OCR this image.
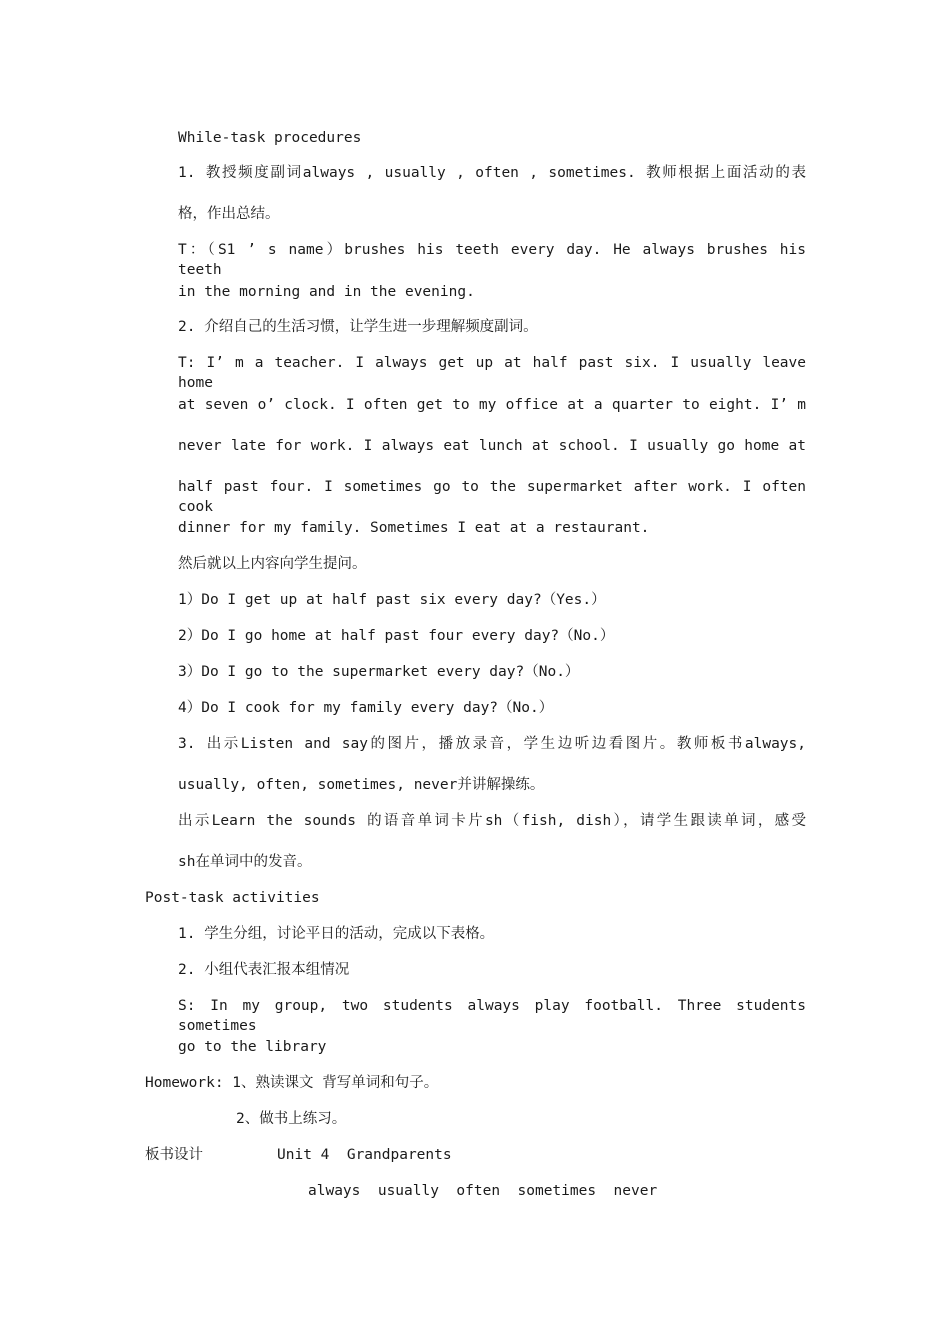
While-task procedures
1. 教授频度副词always , usually , often , sometimes. 教师根据上面活动的表
格，作出总结。
T：（S1 ’ s name）brushes his teeth every day. He always brushes his teeth
in the morning and in the evening.
2. 介绍自己的生活习惯，让学生进一步理解频度副词。
T: I’ m a teacher. I always get up at half past six. I usually leave home
at seven o’ clock. I often get to my office at a quarter to eight. I’ m
never late for work. I always eat lunch at school. I usually go home at
half past four. I sometimes go to the supermarket after work. I often cook
dinner for my family. Sometimes I eat at a restaurant.
然后就以上内容向学生提问。
1）Do I get up at half past six every day?（Yes.）
2）Do I go home at half past four every day?（No.）
3）Do I go to the supermarket every day?（No.）
4）Do I cook for my family every day?（No.）
3. 出示Listen and say的图片，播放录音，学生边听边看图片。教师板书always,
usually, often, sometimes, never并讲解操练。
出示Learn the sounds 的语音单词卡片sh（fish, dish），请学生跟读单词，感受
sh在单词中的发音。
Post-task activities
1. 学生分组，讨论平日的活动，完成以下表格。
2. 小组代表汇报本组情况
S: In my group, two students always play football. Three students sometimes
go to the library
Homework: 1、熟读课文 背写单词和句子。
2、做书上练习。
板书设计	Unit 4  Grandparents
always  usually  often  sometimes  never
